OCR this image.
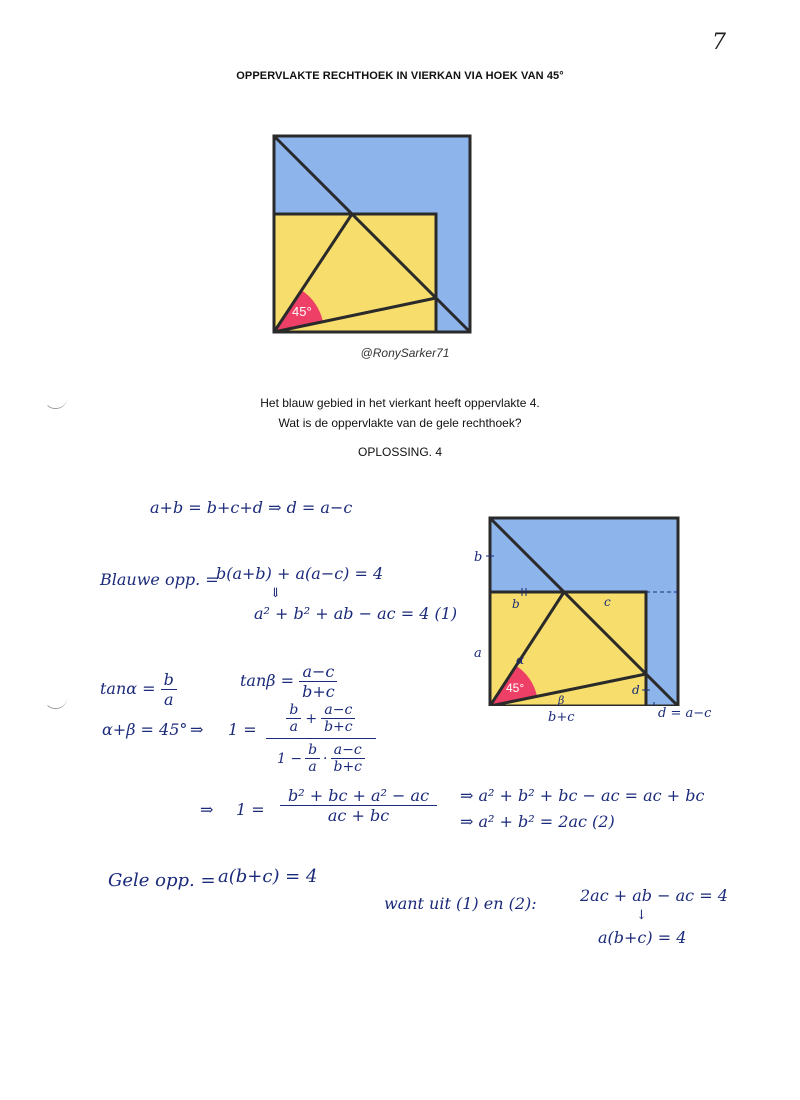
7
OPPERVLAKTE RECHTHOEK IN VIERKAN VIA HOEK VAN 45°
45°
@RonySarker71
Het blauw gebied in het vierkant heeft oppervlakte 4.
Wat is de oppervlakte van de gele rechthoek?
OPLOSSING. 4
a+b = b+c+d ⇒ d = a−c
Blauwe opp. =
b(a+b) + a(a−c) = 4
⇓
a² + b² + ab − ac = 4 (1)
$\tan\alpha = \frac{b}{a}$	$\tan\beta = \frac{a-c}{b+c}$
α+β = 45° ⇒ $1 = \frac{b}{a} + \frac{a-c}{b+c}$
$1 - \frac{b}{a} \cdot \frac{a-c}{b+c}$
⇒ $1 = \frac{\text{b² + bc + a² − ac}}{ac + bc}$ ⇒ a² + b² + bc − ac = ac + bc
⇒ a² + b² = 2ac (2)
Gele opp. = a(b+c) = 4
want uit (1) en (2):	2ac + ab − ac = 4
↓
a(b+c) = 4
45°
α
β
b	c
d
b
a
b+c	d = a−c
